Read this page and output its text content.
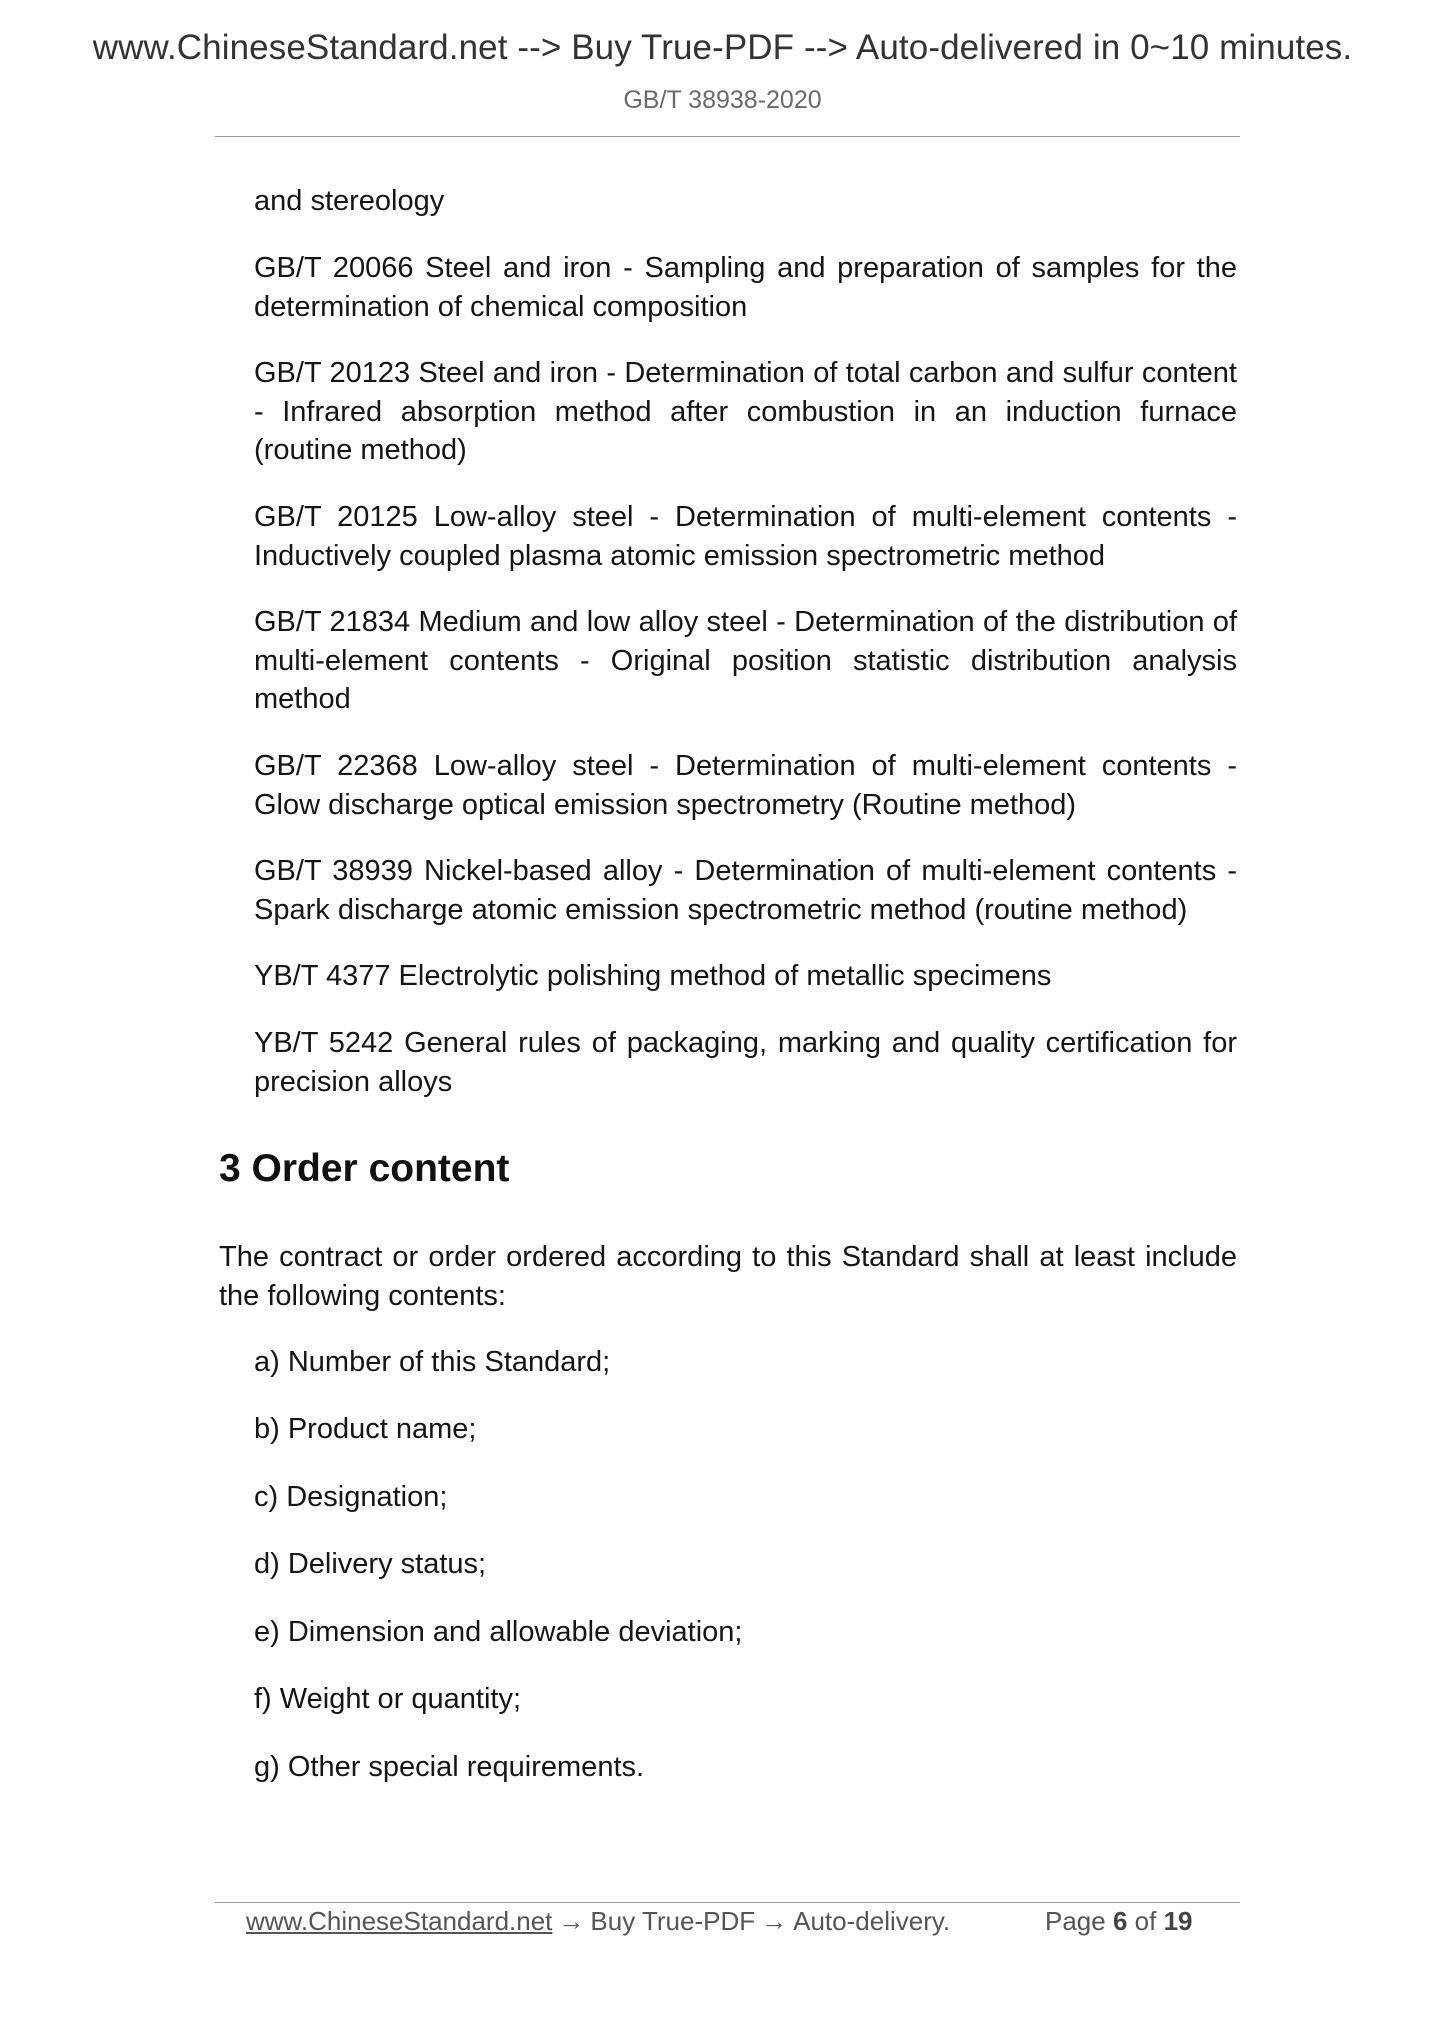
www.ChineseStandard.net --> Buy True-PDF --> Auto-delivered in 0~10 minutes.
GB/T 38938-2020
and stereology
GB/T 20066 Steel and iron - Sampling and preparation of samples for the determination of chemical composition
GB/T 20123 Steel and iron - Determination of total carbon and sulfur content - Infrared absorption method after combustion in an induction furnace (routine method)
GB/T 20125 Low-alloy steel - Determination of multi-element contents - Inductively coupled plasma atomic emission spectrometric method
GB/T 21834 Medium and low alloy steel - Determination of the distribution of multi-element contents - Original position statistic distribution analysis method
GB/T 22368 Low-alloy steel - Determination of multi-element contents - Glow discharge optical emission spectrometry (Routine method)
GB/T 38939 Nickel-based alloy - Determination of multi-element contents - Spark discharge atomic emission spectrometric method (routine method)
YB/T 4377 Electrolytic polishing method of metallic specimens
YB/T 5242 General rules of packaging, marking and quality certification for precision alloys
3 Order content
The contract or order ordered according to this Standard shall at least include the following contents:
a) Number of this Standard;
b) Product name;
c) Designation;
d) Delivery status;
e) Dimension and allowable deviation;
f) Weight or quantity;
g) Other special requirements.
www.ChineseStandard.net → Buy True-PDF → Auto-delivery.	Page 6 of 19
